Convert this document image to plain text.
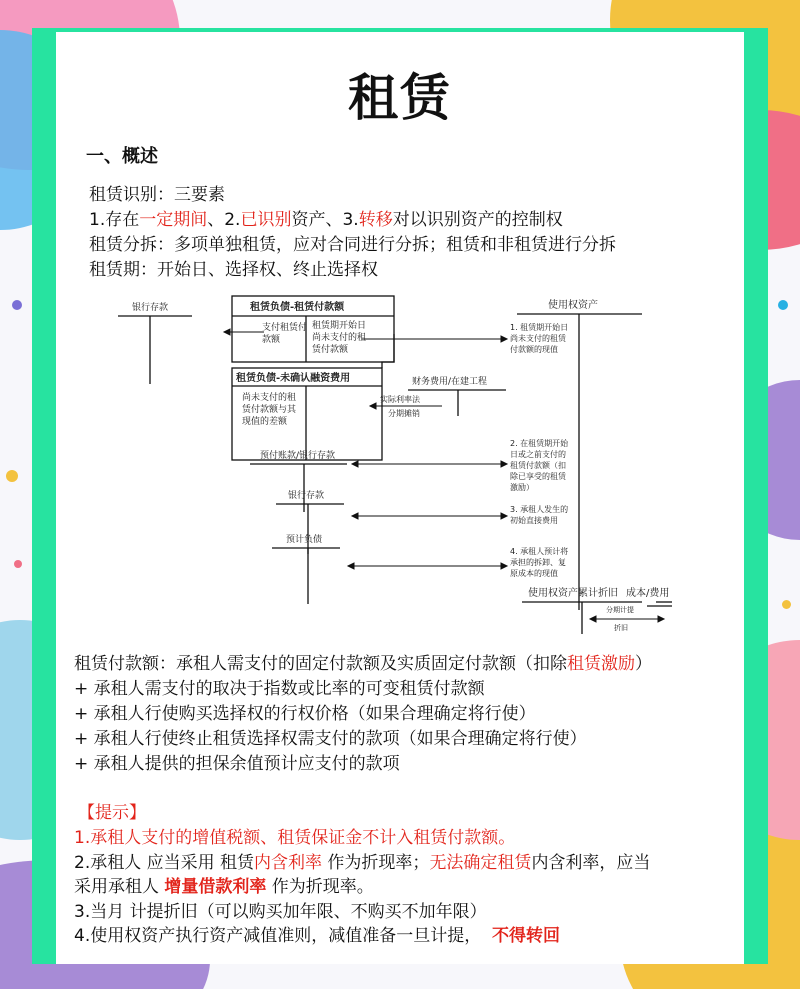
租赁
一、概述
租赁识别：三要素
1.存在一定期间、2.已识别资产、3.转移对以识别资产的控制权
租赁分拆：多项单独租赁，应对合同进行分拆；租赁和非租赁进行分拆
租赁期：开始日、选择权、终止选择权
银行存款	租赁负债-租赁付款额
支付租赁付
款额
租赁期开始日
尚未支付的租
赁付款额
租赁负债-未确认融资费用
尚未支付的租
赁付款额与其
现值的差额
财务费用/在建工程
实际利率法
分期摊销
使用权资产
1. 租赁期开始日
尚未支付的租赁
付款额的现值
预付账款/银行存款
2. 在租赁期开始
日或之前支付的
租赁付款额（扣
除已享受的租赁
激励）
银行存款
3. 承租人发生的
初始直接费用
预计负债
4. 承租人预计将
承担的拆卸、复
原成本的现值
使用权资产累计折旧 成本/费用
分期计提
折旧
租赁付款额：承租人需支付的固定付款额及实质固定付款额（扣除租赁激励）
+ 承租人需支付的取决于指数或比率的可变租赁付款额
+ 承租人行使购买选择权的行权价格（如果合理确定将行使）
+ 承租人行使终止租赁选择权需支付的款项（如果合理确定将行使）
+ 承租人提供的担保余值预计应支付的款项
【提示】
1.承租人支付的增值税额、租赁保证金不计入租赁付款额。
2.承租人 应当采用 租赁内含利率 作为折现率；无法确定租赁内含利率，应当
采用承租人 增量借款利率 作为折现率。
3.当月 计提折旧（可以购买加年限、不购买不加年限）
4.使用权资产执行资产减值准则，减值准备一旦计提， 不得转回
